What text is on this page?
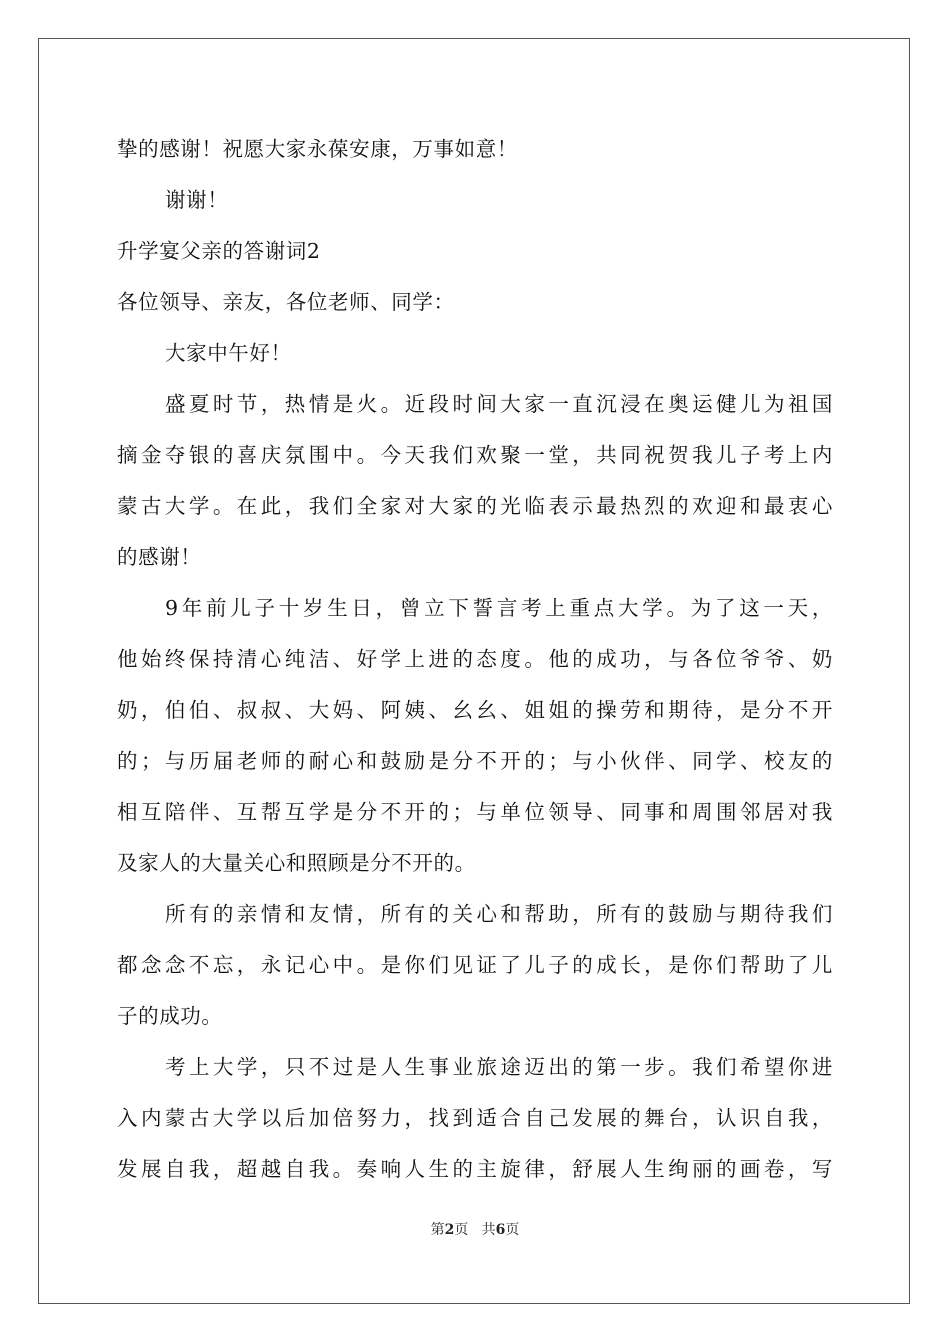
挚的感谢！祝愿大家永葆安康，万事如意！
谢谢！
升学宴父亲的答谢词2
各位领导、亲友，各位老师、同学：
大家中午好！
盛夏时节，热情是火。近段时间大家一直沉浸在奥运健儿为祖国
摘金夺银的喜庆氛围中。今天我们欢聚一堂，共同祝贺我儿子考上内
蒙古大学。在此，我们全家对大家的光临表示最热烈的欢迎和最衷心
的感谢！
9年前儿子十岁生日，曾立下誓言考上重点大学。为了这一天，
他始终保持清心纯洁、好学上进的态度。他的成功，与各位爷爷、奶
奶，伯伯、叔叔、大妈、阿姨、幺幺、姐姐的操劳和期待，是分不开
的；与历届老师的耐心和鼓励是分不开的；与小伙伴、同学、校友的
相互陪伴、互帮互学是分不开的；与单位领导、同事和周围邻居对我
及家人的大量关心和照顾是分不开的。
所有的亲情和友情，所有的关心和帮助，所有的鼓励与期待我们
都念念不忘，永记心中。是你们见证了儿子的成长，是你们帮助了儿
子的成功。
考上大学，只不过是人生事业旅途迈出的第一步。我们希望你进
入内蒙古大学以后加倍努力，找到适合自己发展的舞台，认识自我，
发展自我，超越自我。奏响人生的主旋律，舒展人生绚丽的画卷，写
第2页 共6页
